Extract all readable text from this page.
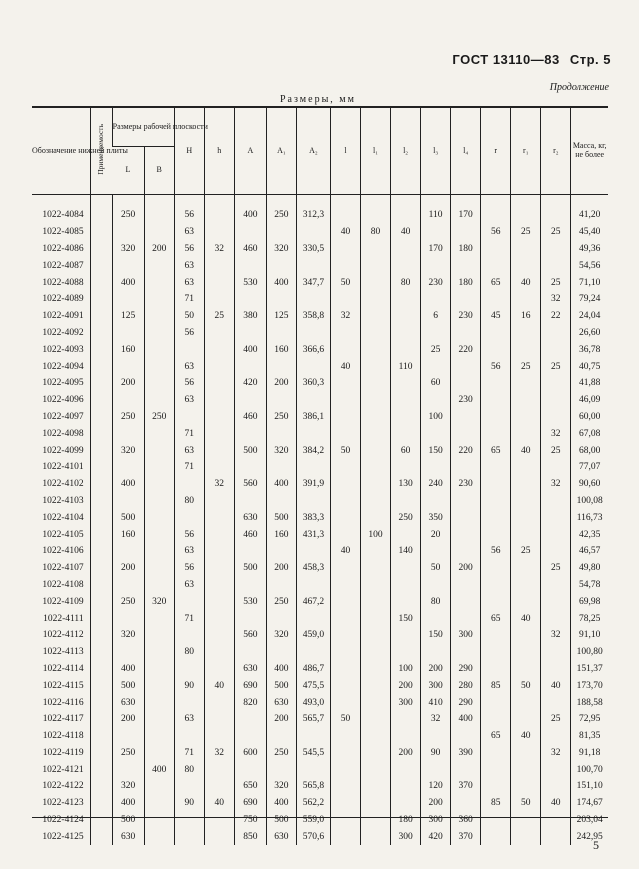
ГОСТ 13110—83 Стр. 5
Продолжение
Размеры, мм
Обозначение нижней плиты	Применяемость	Размеры рабочей плоскости		H	h	A	A₁	A₂	l	l₁	l₂	l₃	l₄	r	r₁	r₂	Масса, кг, не более
		L	B														
1022-4084		250		56		400	250	312,3				110	170				41,20
1022-4085				63					40	80	40			56	25	25	45,40
1022-4086		320	200	56	32	460	320	330,5				170	180				49,36
1022-4087				63													54,56
1022-4088		400		63		530	400	347,7	50		80	230	180	65	40	25	71,10
1022-4089				71												32	79,24
1022-4091		125		50	25	380	125	358,8	32			6	230	45	16	22	24,04
1022-4092				56													26,60
1022-4093		160				400	160	366,6				25	220				36,78
1022-4094				63					40		110			56	25	25	40,75
1022-4095		200		56		420	200	360,3				60					41,88
1022-4096				63									230				46,09
1022-4097		250	250			460	250	386,1				100					60,00
1022-4098				71												32	67,08
1022-4099		320		63		500	320	384,2	50		60	150	220	65	40	25	68,00
1022-4101				71													77,07
1022-4102		400			32	560	400	391,9			130	240	230			32	90,60
1022-4103				80													100,08
1022-4104		500				630	500	383,3			250	350					116,73
1022-4105		160		56		460	160	431,3		100		20					42,35
1022-4106				63					40		140			56	25		46,57
1022-4107		200		56		500	200	458,3				50	200			25	49,80
1022-4108				63													54,78
1022-4109		250	320			530	250	467,2				80					69,98
1022-4111				71							150			65	40		78,25
1022-4112		320				560	320	459,0				150	300			32	91,10
1022-4113				80													100,80
1022-4114		400				630	400	486,7			100	200	290				151,37
1022-4115		500		90	40	690	500	475,5			200	300	280	85	50	40	173,70
1022-4116		630				820	630	493,0			300	410	290				188,58
1022-4117		200		63			200	565,7	50			32	400			25	72,95
1022-4118														65	40		81,35
1022-4119		250		71	32	600	250	545,5			200	90	390			32	91,18
1022-4121			400	80													100,70
1022-4122		320				650	320	565,8				120	370				151,10
1022-4123		400		90	40	690	400	562,2				200		85	50	40	174,67
1022-4124		500				750	500	559,0			180	300	360				203,04
1022-4125		630				850	630	570,6			300	420	370				242,95
5
